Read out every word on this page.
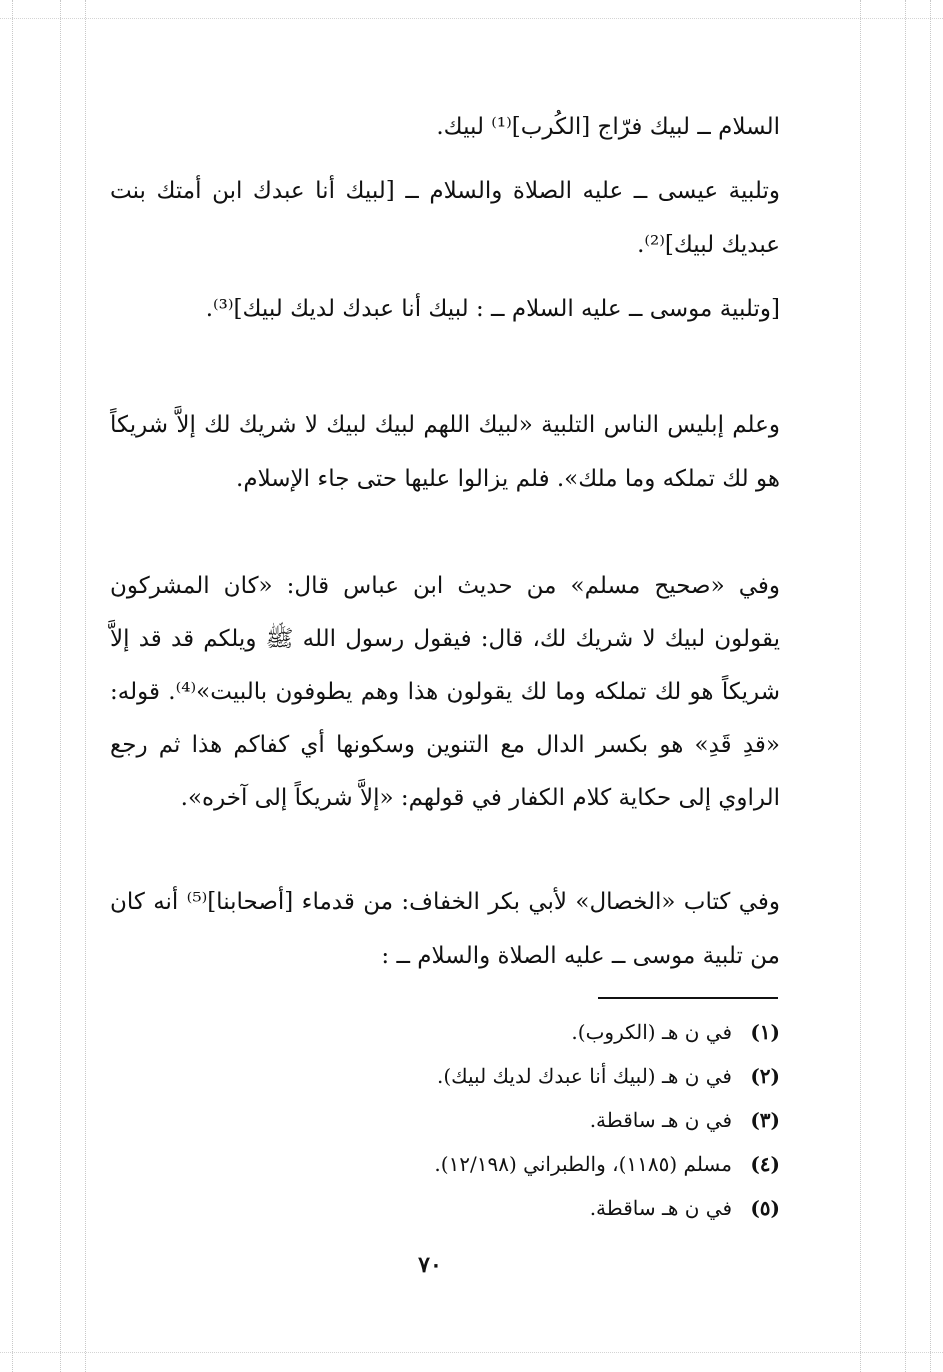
السلام ــ لبيك فرّاج [الكُرب]⁽¹⁾ لبيك.

وتلبية عيسى ــ عليه الصلاة والسلام ــ [لبيك أنا عبدك ابن أمتك بنت عبديك لبيك]⁽²⁾.

[وتلبية موسى ــ عليه السلام ــ : لبيك أنا عبدك لديك لبيك]⁽³⁾.

وعلم إبليس الناس التلبية «لبيك اللهم لبيك لبيك لا شريك لك إلاَّ شريكاً هو لك تملكه وما ملك». فلم يزالوا عليها حتى جاء الإسلام.

وفي «صحيح مسلم» من حديث ابن عباس قال: «كان المشركون يقولون لبيك لا شريك لك، قال: فيقول رسول الله ﷺ ويلكم قد قد إلاَّ شريكاً هو لك تملكه وما لك يقولون هذا وهم يطوفون بالبيت»⁽⁴⁾. قوله: «قدِ قَدِ» هو بكسر الدال مع التنوين وسكونها أي كفاكم هذا ثم رجع الراوي إلى حكاية كلام الكفار في قولهم: «إلاَّ شريكاً إلى آخره».

وفي كتاب «الخصال» لأبي بكر الخفاف: من قدماء [أصحابنا]⁽⁵⁾ أنه كان من تلبية موسى ــ عليه الصلاة والسلام ــ :

(١)في ن هـ (الكروب).
(٢)في ن هـ (لبيك أنا عبدك لديك لبيك).
(٣)في ن هـ ساقطة.
(٤)مسلم (١١٨٥)، والطبراني (١٢/١٩٨).
(٥)في ن هـ ساقطة.
٧٠
